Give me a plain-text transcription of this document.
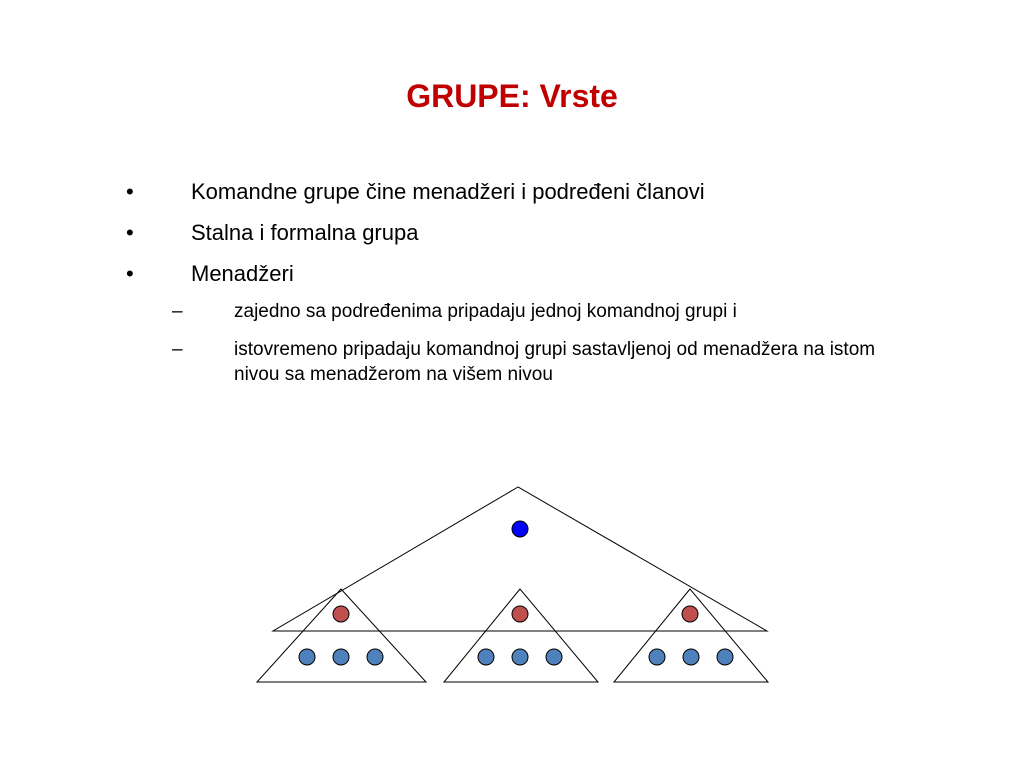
GRUPE: Vrste
•	Komandne grupe čine menadžeri i podređeni članovi
•	Stalna i formalna grupa
•	Menadžeri
–	zajedno sa podređenima pripadaju jednoj komandnoj grupi i
–	istovremeno pripadaju komandnoj grupi sastavljenoj od menadžera na istom nivou sa menadžerom na višem nivou
